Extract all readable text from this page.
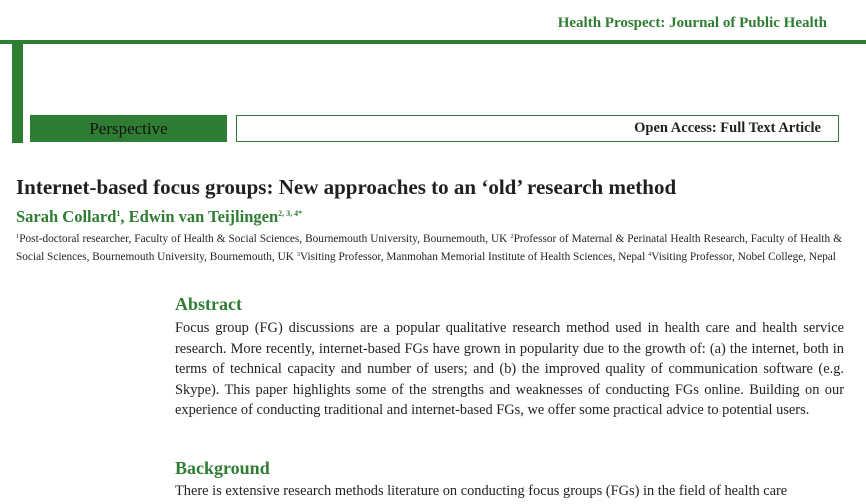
Health Prospect: Journal of Public Health
Perspective	Open Access: Full Text Article
Internet-based focus groups: New approaches to an ‘old’ research method
Sarah Collard$^1$, Edwin van Teijlingen$^{2, 3, 4*}$
$^1$Post-doctoral researcher, Faculty of Health & Social Sciences, Bournemouth University, Bournemouth, UK $^2$Professor of Maternal & Perinatal Health Research, Faculty of Health & Social Sciences, Bournemouth University, Bournemouth, UK $^3$Visiting Professor, Manmohan Memorial Institute of Health Sciences, Nepal $^4$Visiting Professor, Nobel College, Nepal
Abstract

Focus group (FG) discussions are a popular qualitative research method used in health care and health service research. More recently, internet-based FGs have grown in popularity due to the growth of: (a) the internet, both in terms of technical capacity and number of users; and (b) the improved quality of communication software (e.g. Skype). This paper highlights some of the strengths and weaknesses of conducting FGs online. Building on our experience of conducting traditional and internet-based FGs, we offer some practical advice to potential users.

Background

There is extensive research methods literature on conducting focus groups (FGs) in the field of health care
